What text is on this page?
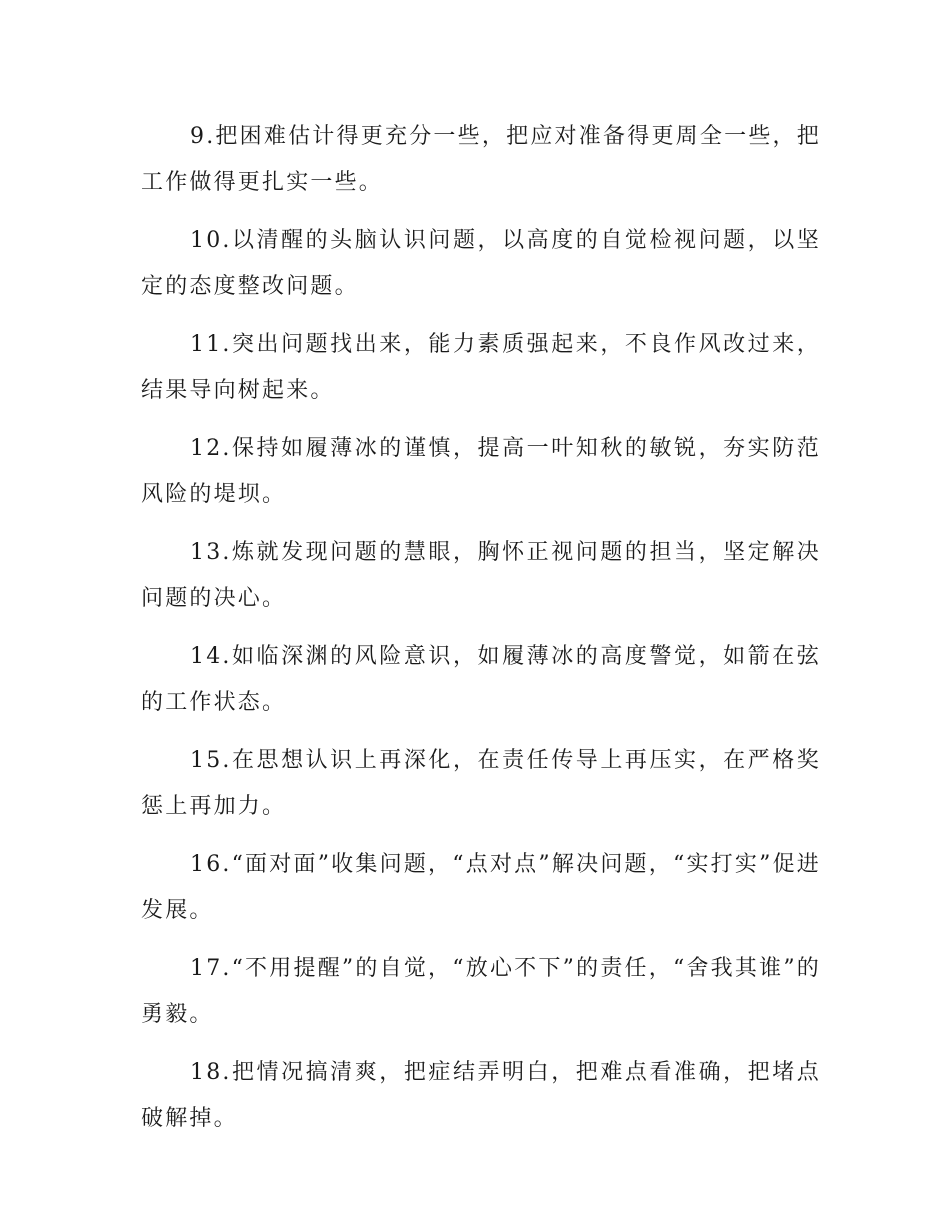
9.把困难估计得更充分一些，把应对准备得更周全一些，把工作做得更扎实一些。

10.以清醒的头脑认识问题，以高度的自觉检视问题，以坚定的态度整改问题。

11.突出问题找出来，能力素质强起来，不良作风改过来，结果导向树起来。

12.保持如履薄冰的谨慎，提高一叶知秋的敏锐，夯实防范风险的堤坝。

13.炼就发现问题的慧眼，胸怀正视问题的担当，坚定解决问题的决心。

14.如临深渊的风险意识，如履薄冰的高度警觉，如箭在弦的工作状态。

15.在思想认识上再深化，在责任传导上再压实，在严格奖惩上再加力。

16.“面对面”收集问题，“点对点”解决问题，“实打实”促进发展。

17.“不用提醒”的自觉，“放心不下”的责任，“舍我其谁”的勇毅。

18.把情况搞清爽，把症结弄明白，把难点看准确，把堵点破解掉。
